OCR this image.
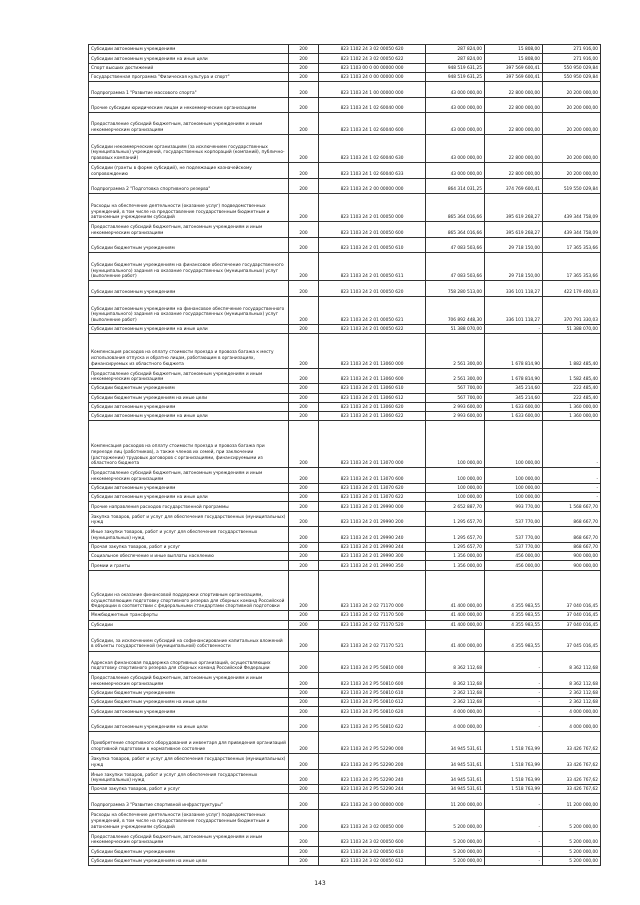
Субсидии автономным учреждениям	200	823 1102 24 3 02 00050 620	287 824,00	15 808,00	271 916,00
Субсидии автономным учреждениям на иные цели	200	823 1102 24 3 02 00050 622	287 824,00	15 808,00	271 916,00
Спорт высших достижений	200	823 1103 00 0 00 00000 000	948 519 631,25	397 569 600,41	550 950 029,84
Государственная программа "Физическая культура и спорт"	200	823 1103 24 0 00 00000 000	948 519 631,25	397 569 600,41	550 950 029,84
Подпрограмма 1 "Развитие массового спорта"	200	823 1103 24 1 00 00000 000	43 000 000,00	22 800 000,00	20 200 000,00
Прочие субсидии юридическим лицам и некоммерческим организациям	200	823 1103 24 1 02 60040 000	43 000 000,00	22 800 000,00	20 200 000,00
Предоставление субсидий бюджетным, автономным учреждениям и иным некоммерческим организациям	200	823 1103 24 1 02 60040 600	43 000 000,00	22 800 000,00	20 200 000,00
Субсидии некоммерческим организациям (за исключением государственных (муниципальных) учреждений, государственных корпораций (компаний), публично-правовых компаний)	200	823 1103 24 1 02 60040 630	43 000 000,00	22 800 000,00	20 200 000,00
Субсидии (гранты в форме субсидий), не подлежащие казначейскому сопровождению	200	823 1103 24 1 02 60040 633	43 000 000,00	22 800 000,00	20 200 000,00
Подпрограмма 2 "Подготовка спортивного резерва"	200	823 1103 24 2 00 00000 000	864 314 031,25	374 769 600,41	519 550 029,84
Расходы на обеспечение деятельности (оказание услуг) подведомственных учреждений, в том числе на предоставление государственным бюджетным и автономным учреждениям субсидий	200	823 1103 24 2 01 00050 000	865 364 016,66	395 619 268,27	439 344 758,09
Предоставление субсидий бюджетным, автономным учреждениям и иным некоммерческим организациям	200	823 1103 24 2 01 00050 600	865 364 016,66	395 619 268,27	439 344 758,09
Субсидии бюджетным учреждениям	200	823 1103 24 2 01 00050 610	47 083 503,66	29 718 150,00	17 365 353,66
Субсидии бюджетным учреждениям на финансовое обеспечение государственного (муниципального) задания на оказание государственных (муниципальных) услуг (выполнение работ)	200	823 1103 24 2 01 00050 611	47 083 503,66	29 718 150,00	17 365 353,66
Субсидии автономным учреждениям	200	823 1103 24 2 01 00050 620	758 280 513,00	336 101 118,27	422 179 400,03
Субсидии автономным учреждениям на финансовое обеспечение государственного (муниципального) задания на оказание государственных (муниципальных) услуг (выполнение работ)	200	823 1103 24 2 01 00050 621	706 892 448,30	336 101 118,27	370 791 330,03
Субсидии автономным учреждениям на иные цели	200	823 1103 24 2 01 00050 622	51 388 070,00	-	51 388 070,00
Компенсация расходов на оплату стоимости проезда и провоза багажа к месту использования отпуска и обратно лицам, работающим в организациях, финансируемых из областного бюджета	200	823 1103 24 2 01 13060 000	2 561 300,00	1 678 814,90	1 882 485,40
Предоставление субсидий бюджетным, автономным учреждениям и иным некоммерческим организациям	200	823 1103 24 2 01 13060 600	2 561 300,00	1 678 814,90	1 582 485,40
Субсидии бюджетным учреждениям	200	823 1103 24 2 01 13060 610	567 700,00	345 214,60	222 485,40
Субсидии бюджетным учреждениям на иные цели	200	823 1103 24 2 01 13060 612	567 700,00	345 214,60	222 485,40
Субсидии автономным учреждениям	200	823 1103 24 2 01 13060 620	2 993 600,00	1 633 600,00	1 360 000,00
Субсидии автономным учреждениям на иные цели	200	823 1103 24 2 01 13060 622	2 993 600,00	1 633 600,00	1 360 000,00
Компенсация расходов на оплату стоимости проезда и провоза багажа при переезде лиц (работников), а также членов их семей, при заключении (расторжении) трудовых договоров с организациями, финансируемыми из областного бюджета	200	823 1103 24 2 01 13070 000	100 000,00	100 000,00	-
Предоставление субсидий бюджетным, автономным учреждениям и иным некоммерческим организациям	200	823 1103 24 2 01 13070 600	100 000,00	100 000,00	-
Субсидии автономным учреждениям	200	823 1103 24 2 01 13070 620	100 000,00	100 000,00	-
Субсидии автономным учреждениям на иные цели	200	823 1103 24 2 01 13070 622	100 000,00	100 000,00	-
Прочие направления расходов государственной программы	200	823 1103 24 2 01 29990 000	2 652 887,70	993 770,00	1 568 667,70
Закупка товаров, работ и услуг для обеспечения государственных (муниципальных) нужд	200	823 1103 24 2 01 29990 200	1 295 657,70	537 770,00	868 667,70
Иные закупки товаров, работ и услуг для обеспечения государственных (муниципальных) нужд	200	823 1103 24 2 01 29990 240	1 295 657,70	537 770,00	868 667,70
Прочая закупка товаров, работ и услуг	200	823 1103 24 2 01 29990 244	1 295 657,70	537 770,00	868 667,70
Социальное обеспечение и иные выплаты населению	200	823 1103 24 2 01 29990 300	1 356 000,00	456 000,00	900 000,00
Премии и гранты	200	823 1103 24 2 01 29990 350	1 356 000,00	456 000,00	900 000,00
Субсидии на оказание финансовой поддержки спортивным организациям, осуществляющим подготовку спортивного резерва для сборных команд Российской Федерации в соответствии с федеральными стандартами спортивной подготовки	200	823 1103 24 2 02 71170 000	41 400 000,00	4 355 983,55	37 040 016,45
Межбюджетные трансферты	200	823 1103 24 2 02 71170 500	41 400 000,00	4 355 983,55	37 040 016,45
Субсидии	200	823 1103 24 2 02 71170 520	41 400 000,00	4 355 983,55	37 040 016,45
Субсидии, за исключением субсидий на софинансирование капитальных вложений в объекты государственной (муниципальной) собственности	200	823 1103 24 2 02 71170 521	41 400 000,00	4 355 983,55	37 045 016,45
Адресная финансовая поддержка спортивных организаций, осуществляющих подготовку спортивного резерва для сборных команд Российской Федерации	200	823 1103 24 2 P5 50810 000	8 362 112,68	-	8 362 112,68
Предоставление субсидий бюджетным, автономным учреждениям и иным некоммерческим организациям	200	823 1103 24 2 P5 50810 600	8 362 112,68	-	8 362 112,68
Субсидии бюджетным учреждениям	200	823 1103 24 2 P5 50810 610	2 362 112,68	-	2 362 112,68
Субсидии бюджетным учреждениям на иные цели	200	823 1103 24 2 P5 50810 612	2 362 112,68	-	2 362 112,68
Субсидии автономным учреждениям	200	823 1103 24 2 P5 50810 620	4 000 000,00	-	4 000 000,00
Субсидии автономным учреждениям на иные цели	200	823 1103 24 2 P5 50810 622	4 000 000,00	-	4 000 000,00
Приобретение спортивного оборудования и инвентаря для приведения организаций спортивной подготовки в нормативное состояние	200	823 1103 24 2 P5 52290 000	34 945 531,61	1 518 763,99	33 426 767,62
Закупка товаров, работ и услуг для обеспечения государственных (муниципальных) нужд	200	823 1103 24 2 P5 52290 200	34 945 531,61	1 518 763,99	33 426 767,62
Иные закупки товаров, работ и услуг для обеспечения государственных (муниципальных) нужд	200	823 1103 24 2 P5 52290 240	34 945 531,61	1 518 763,99	33 426 767,62
Прочая закупка товаров, работ и услуг	200	823 1103 24 2 P5 52290 244	34 945 531,61	1 518 763,99	33 426 767,62
Подпрограмма 3 "Развитие спортивной инфраструктуры"	200	823 1103 24 3 00 00000 000	11 200 000,00	-	11 200 000,00
Расходы на обеспечение деятельности (оказание услуг) подведомственных учреждений, в том числе на предоставление государственным бюджетным и автономным учреждениям субсидий	200	823 1103 24 3 02 00050 000	5 200 000,00	-	5 200 000,00
Предоставление субсидий бюджетным, автономным учреждениям и иным некоммерческим организациям	200	823 1103 24 3 02 00050 600	5 200 000,00	-	5 200 000,00
Субсидии бюджетным учреждениям	200	823 1103 24 3 02 00050 610	5 200 000,00	-	5 200 000,00
Субсидии бюджетным учреждениям на иные цели	200	823 1103 24 3 02 00050 612	5 200 000,00	-	5 200 000,00
143
